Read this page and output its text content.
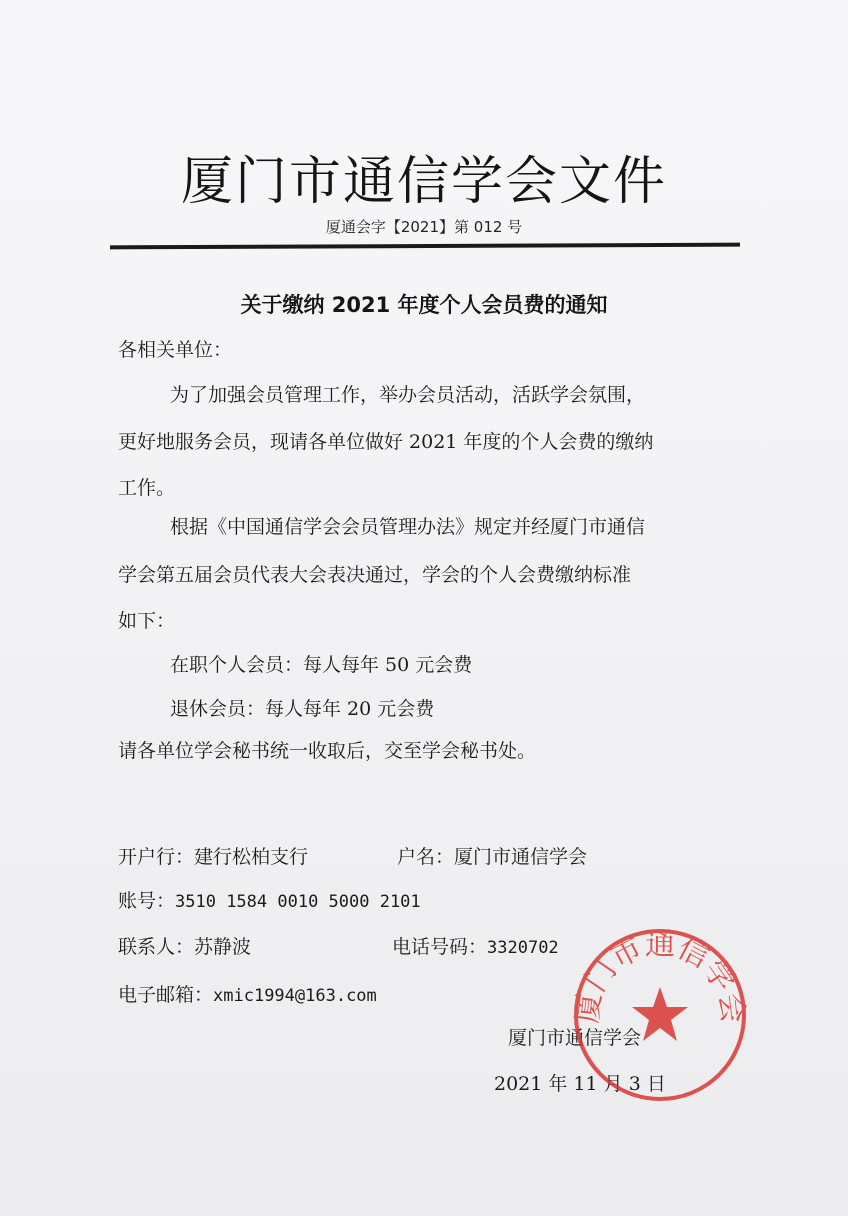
厦门市通信学会文件
厦通会字【2021】第 012 号
关于缴纳 2021 年度个人会员费的通知
各相关单位：
为了加强会员管理工作，举办会员活动，活跃学会氛围，
更好地服务会员，现请各单位做好 2021 年度的个人会费的缴纳
工作。
根据《中国通信学会会员管理办法》规定并经厦门市通信
学会第五届会员代表大会表决通过，学会的个人会费缴纳标准
如下：
在职个人会员：每人每年 50 元会费
退休会员：每人每年 20 元会费
请各单位学会秘书统一收取后，交至学会秘书处。
开户行：建行松柏支行	户名：厦门市通信学会
账号：3510 1584 0010 5000 2101
联系人：苏静波	电话号码：3320702
电子邮箱：xmic1994@163.com
厦门市通信学会
2021 年 11 月 3 日
厦门市通信学会
